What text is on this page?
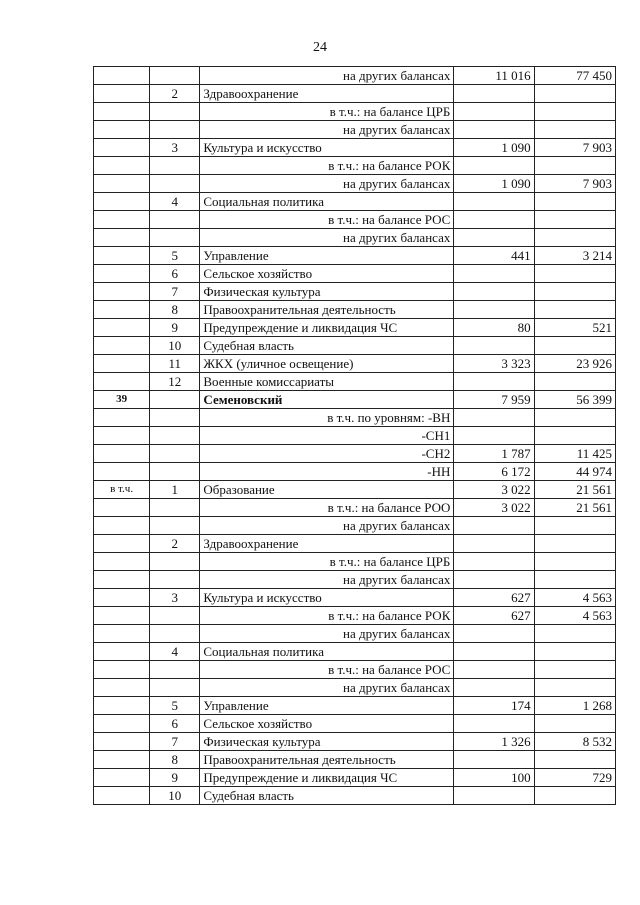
24
		на других балансах	11 016	77 450
	2	Здравоохранение		
		в т.ч.: на балансе ЦРБ		
		на других балансах		
	3	Культура и искусство	1 090	7 903
		в т.ч.: на балансе РОК		
		на других балансах	1 090	7 903
	4	Социальная политика		
		в т.ч.: на балансе РОС		
		на других балансах		
	5	Управление	441	3 214
	6	Сельское хозяйство		
	7	Физическая культура		
	8	Правоохранительная деятельность		
	9	Предупреждение и ликвидация ЧС	80	521
	10	Судебная власть		
	11	ЖКХ (уличное освещение)	3 323	23 926
	12	Военные комиссариаты		
39		Семеновский	7 959	56 399
		в т.ч. по уровням: -ВН		
		-СН1		
		-СН2	1 787	11 425
		-НН	6 172	44 974
в т.ч.	1	Образование	3 022	21 561
		в т.ч.: на балансе РОО	3 022	21 561
		на других балансах		
	2	Здравоохранение		
		в т.ч.: на балансе ЦРБ		
		на других балансах		
	3	Культура и искусство	627	4 563
		в т.ч.: на балансе РОК	627	4 563
		на других балансах		
	4	Социальная политика		
		в т.ч.: на балансе РОС		
		на других балансах		
	5	Управление	174	1 268
	6	Сельское хозяйство		
	7	Физическая культура	1 326	8 532
	8	Правоохранительная деятельность		
	9	Предупреждение и ликвидация ЧС	100	729
	10	Судебная власть		
